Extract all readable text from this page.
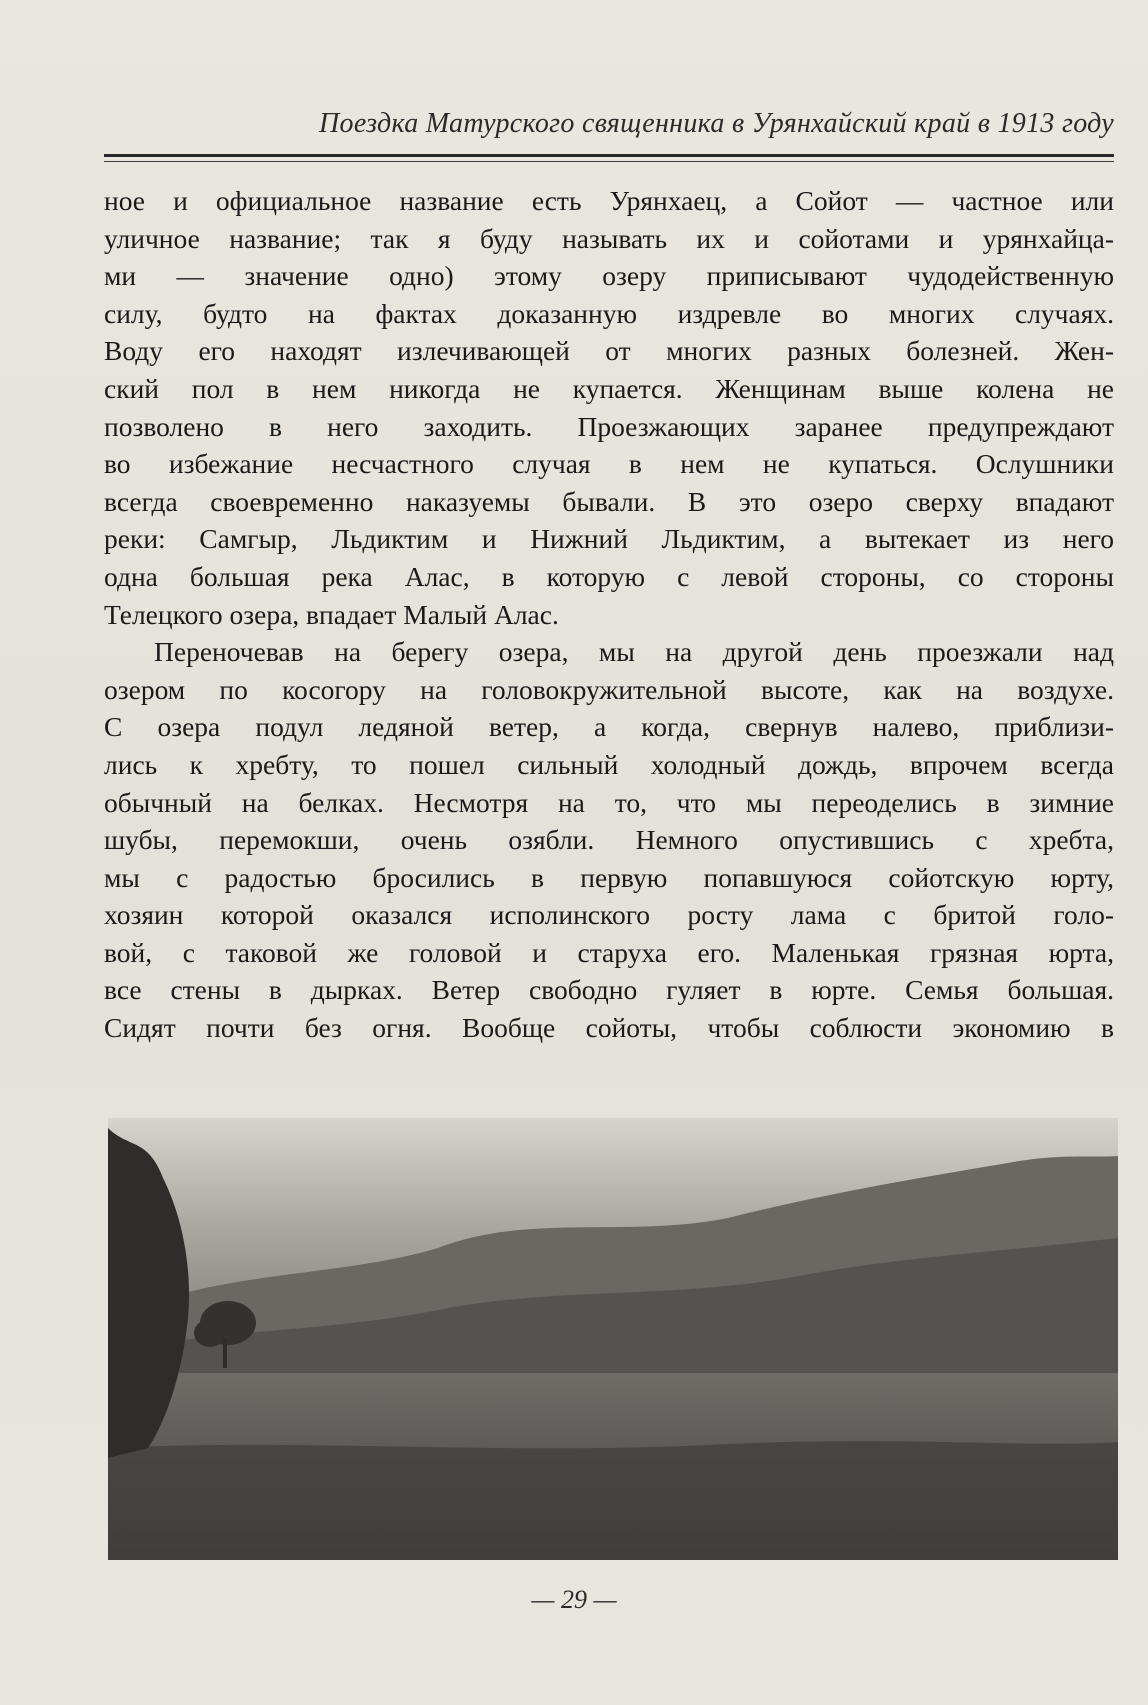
Поездка Матурского священника в Урянхайский край в 1913 году
ное и официальное название есть Урянхаец, а Сойот — частное или
уличное название; так я буду называть их и сойотами и урянхайца-
ми — значение одно) этому озеру приписывают чудодейственную
силу, будто на фактах доказанную издревле во многих случаях.
Воду его находят излечивающей от многих разных болезней. Жен-
ский пол в нем никогда не купается. Женщинам выше колена не
позволено в него заходить. Проезжающих заранее предупреждают
во избежание несчастного случая в нем не купаться. Ослушники
всегда своевременно наказуемы бывали. В это озеро сверху впадают
реки: Самгыр, Льдиктим и Нижний Льдиктим, а вытекает из него
одна большая река Алас, в которую с левой стороны, со стороны
Телецкого озера, впадает Малый Алас.
Переночевав на берегу озера, мы на другой день проезжали над
озером по косогору на головокружительной высоте, как на воздухе.
С озера подул ледяной ветер, а когда, свернув налево, приблизи-
лись к хребту, то пошел сильный холодный дождь, впрочем всегда
обычный на белках. Несмотря на то, что мы переоделись в зимние
шубы, перемокши, очень озябли. Немного опустившись с хребта,
мы с радостью бросились в первую попавшуюся сойотскую юрту,
хозяин которой оказался исполинского росту лама с бритой голо-
вой, с таковой же головой и старуха его. Маленькая грязная юрта,
все стены в дырках. Ветер свободно гуляет в юрте. Семья большая.
Сидят почти без огня. Вообще сойоты, чтобы соблюсти экономию в
— 29 —
